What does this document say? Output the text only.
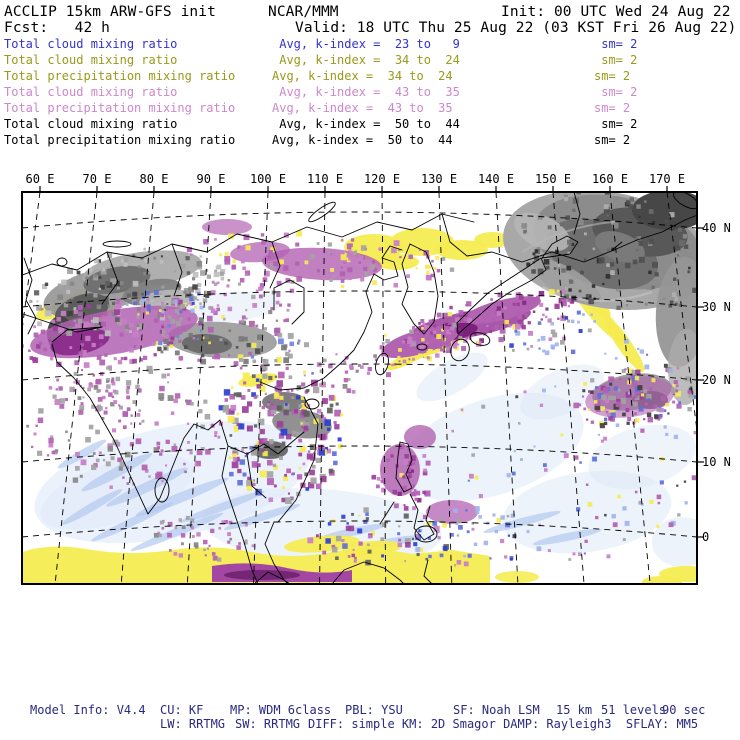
ACCLIP 15km ARW-GFS init	NCAR/MMM	Init: 00 UTC Wed 24 Aug 22
Fcst:   42 h	Valid: 18 UTC Thu 25 Aug 22 (03 KST Fri 26 Aug 22)
Total cloud mixing ratio	Avg, k-index =  23 to   9	sm= 2
Total cloud mixing ratio	Avg, k-index =  34 to  24	sm= 2
Total precipitation mixing ratio	Avg, k-index =  34 to  24	sm= 2
Total cloud mixing ratio	Avg, k-index =  43 to  35	sm= 2
Total precipitation mixing ratio	Avg, k-index =  43 to  35	sm= 2
Total cloud mixing ratio	Avg, k-index =  50 to  44	sm= 2
Total precipitation mixing ratio	Avg, k-index =  50 to  44	sm= 2
60 E 70 E 80 E 90 E 100 E 110 E 120 E 130 E 140 E 150 E 160 E 170 E
40 N
30 N
20 N
10 N
0
Model Info: V4.4 CU: KF MP: WDM 6class PBL: YSU	SF: Noah LSM 15 km 51 levels
90 sec
LW: RRTMG SW: RRTMG DIFF: simple KM: 2D Smagor DAMP: Rayleigh3  SFLAY: MM5
